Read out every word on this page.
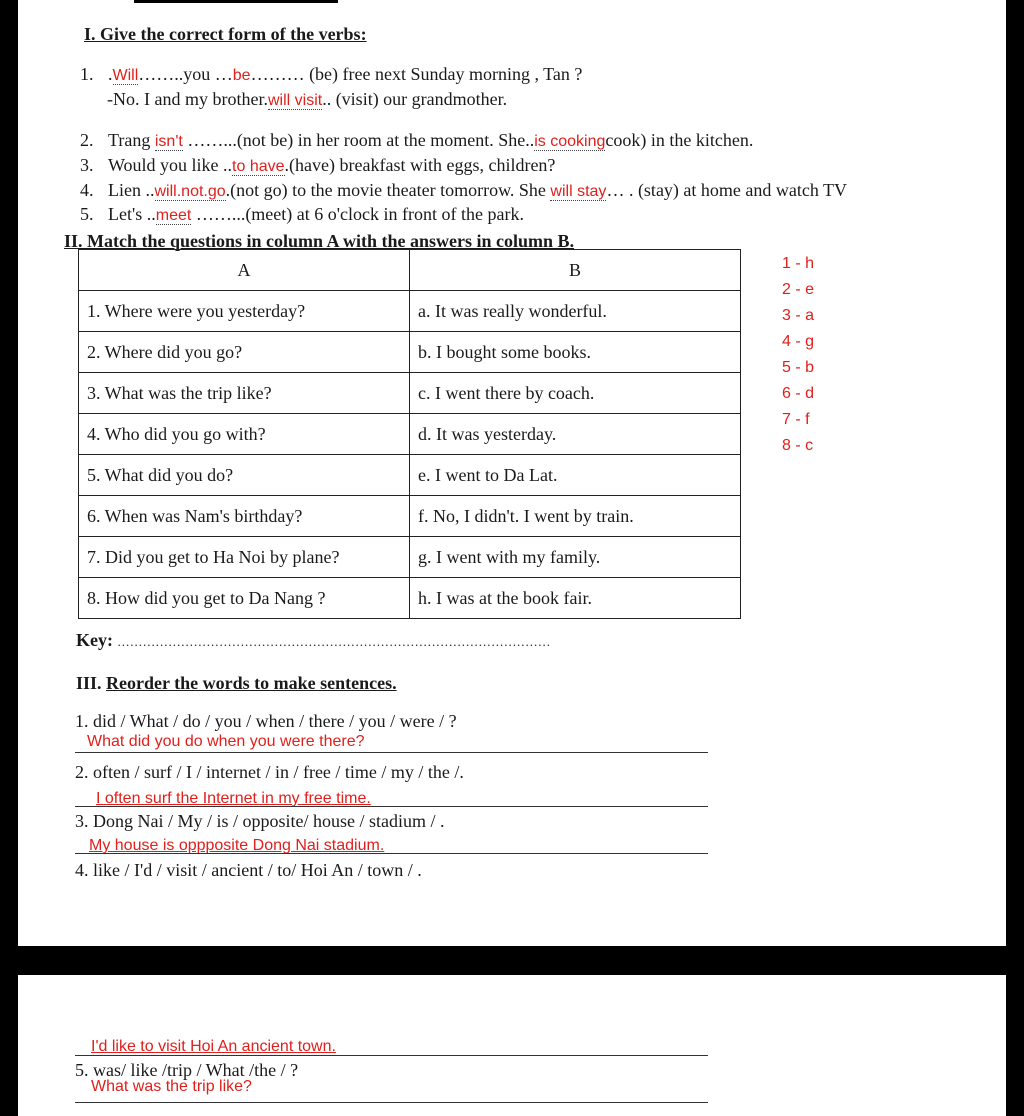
I. Give the correct form of the verbs:
1. .Will……..you …be……… (be) free next Sunday morning , Tan ?
-No. I and my brother.will visit.. (visit) our grandmother.
2. Trang isn't ……...(not be) in her room at the moment. She..is cookingcook) in the kitchen.
3. Would you like ..to have.(have) breakfast with eggs, children?
4. Lien ..will.not.go.(not go) to the movie theater tomorrow. She will stay… . (stay) at home and watch TV
5. Let's ..meet ……...(meet) at 6 o'clock in front of the park.
II. Match the questions in column A with the answers in column B.
A	B
1. Where were you yesterday?	a. It was really wonderful.
2. Where did you go?	b. I bought some books.
3. What was the trip like?	c. I went there by coach.
4. Who did you go with?	d. It was yesterday.
5. What did you do?	e. I went to Da Lat.
6. When was Nam's birthday?	f. No, I didn't. I went by train.
7. Did you get to Ha Noi by plane?	g. I went with my family.
8. How did you get to Da Nang ?	h. I was at the book fair.
1 - h
2 - e
3 - a
4 - g
5 - b
6 - d
7 - f
8 - c
Key: ......................................................................................................
III. Reorder the words to make sentences.
1. did / What / do / you / when / there / you / were / ?
What did you do when you were there?
2. often / surf / I / internet / in / free / time / my / the /.
I often surf the Internet in my free time.
3. Dong Nai / My / is / opposite/ house / stadium / .
My house is oppposite Dong Nai stadium.
4. like / I'd / visit / ancient / to/ Hoi An / town / .
I'd like to visit Hoi An ancient town.
5. was/ like /trip / What /the / ?
What was the trip like?
